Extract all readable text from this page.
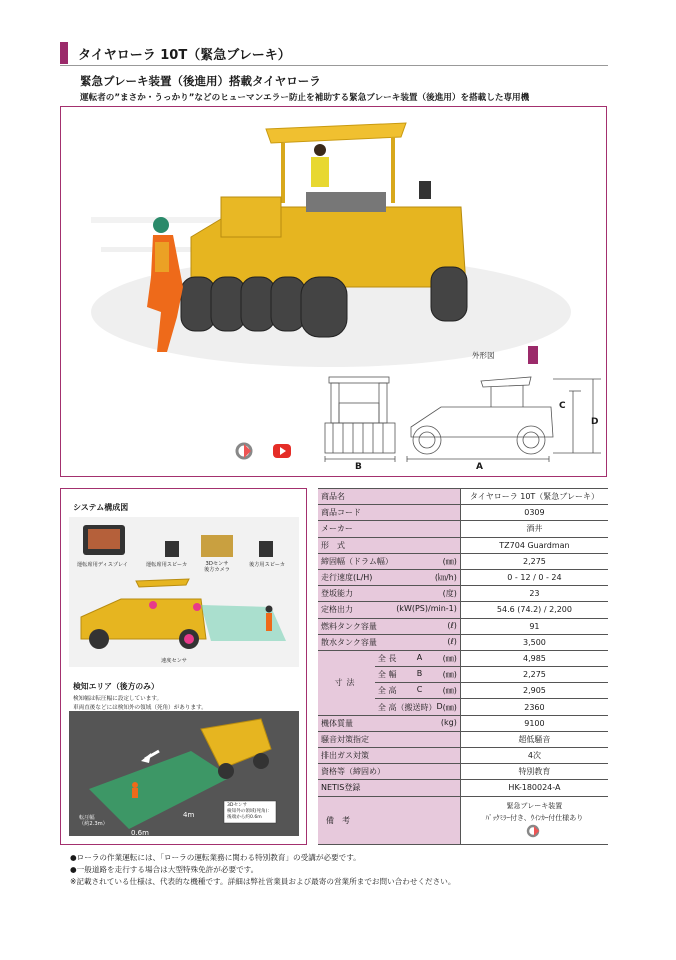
タイヤローラ 10T（緊急ブレーキ）
緊急ブレーキ装置（後進用）搭載タイヤローラ
運転者の”まさか・うっかり”などのヒューマンエラー防止を補助する緊急ブレーキ装置（後進用）を搭載した専用機
外形図
B	A
C
D
システム構成図
運転席用ディスプレイ	運転席用スピーカ	3Dセンサ
後方カメラ
後方用スピーカ
速度センサ
検知エリア（後方のみ）
検知幅は転圧幅に設定しています。
車両直後などには検知外の領域（死角）があります。
転圧幅
（約2.3m）
4m
0.6m
3Dセンサ
検知外の領域(死角)：
後端から約0.6m
商品名		タイヤローラ 10T（緊急ブレーキ）

商品コード		0309

メーカー		酒井

形　式		TZ704 Guardman

締固幅（ドラム幅） (㎜)		2,275

走行速度(L/H) (㎞/h)		0 - 12 / 0 - 24

登坂能力 (度)		23

定格出力 (kW(PS)/min-1)		54.6 (74.2) / 2,200

燃料タンク容量 (ℓ)		91

散水タンク容量 (ℓ)		3,500
寸法	全 長 A (㎜)	4,985

	全 幅 B (㎜)	2,275

	全 高 C (㎜)	2,905

	全 高（搬送時） D (㎜)	2360

機体質量 (kg)		9100

騒音対策指定		超低騒音

排出ガス対策		4次

資格等（締固め）		特別教育

NETIS登録		HK-180024-A
備　考		緊急ブレーキ装置
ﾊﾞｯｸﾐﾗｰ付き、ｳｲﾝｶｰ付仕様あり
●ローラの作業運転には、「ローラの運転業務に関わる特別教育」の受講が必要です。
●一般道路を走行する場合は大型特殊免許が必要です。
※記載されている仕様は、代表的な機種です。詳細は弊社営業員および最寄の営業所までお問い合わせください。
